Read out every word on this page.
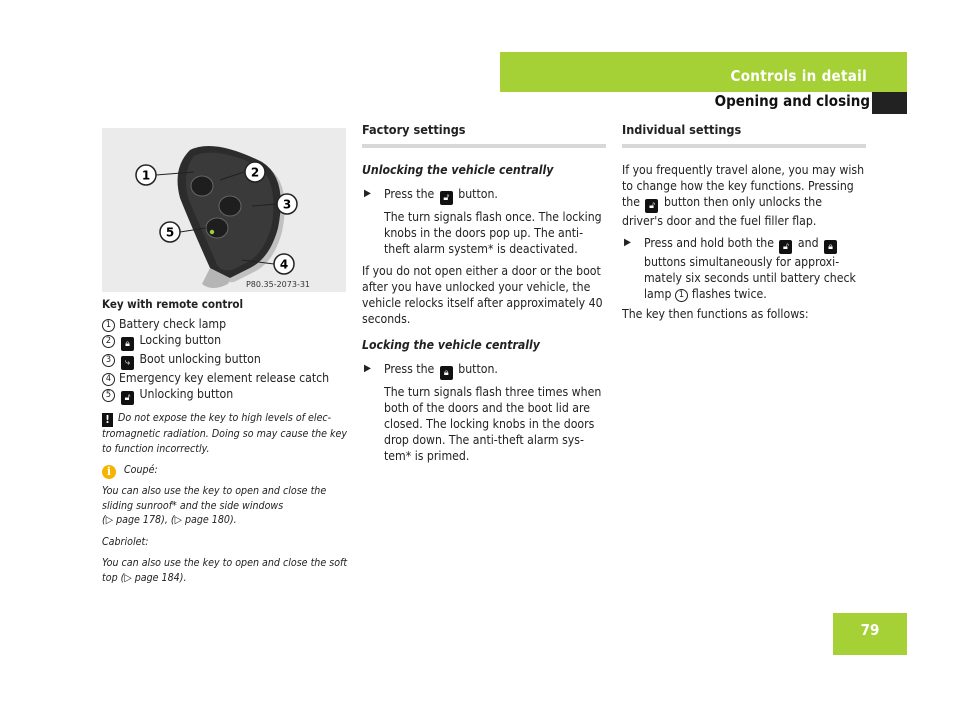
Controls in detail
Opening and closing
1	2
3
4
5
P80.35-2073-31

Key with remote control

1 Battery check lamp

2 🔒︎ Locking button

3 ⤷ Boot unlocking button

4 Emergency key element release catch

5 🔓︎ Unlocking button

! Do not expose the key to high levels of elec-tromagnetic radiation. Doing so may cause the key to function incorrectly.

i Coupé:

You can also use the key to open and close the sliding sunroof* and the side windows

(▷ page 178), (▷ page 180).

Cabriolet:

You can also use the key to open and close the soft top (▷ page 184).

Factory settings

Unlocking the vehicle centrally

▶ Press the 🔓︎ button.

The turn signals flash once. The locking knobs in the doors pop up. The anti-theft alarm system* is deactivated.

If you do not open either a door or the boot after you have unlocked your vehicle, the vehicle relocks itself after approximately 40 seconds.

Locking the vehicle centrally

▶ Press the 🔒︎ button.

The turn signals flash three times when both of the doors and the boot lid are closed. The locking knobs in the doors drop down. The anti-theft alarm sys-tem* is primed.

Individual settings

If you frequently travel alone, you may wish to change how the key functions. Pressing the 🔓︎ button then only unlocks the driver's door and the fuel filler flap.

▶ Press and hold both the 🔓︎ and 🔒︎ buttons simultaneously for approxi-mately six seconds until battery check lamp 1 flashes twice.

The key then functions as follows:

79
